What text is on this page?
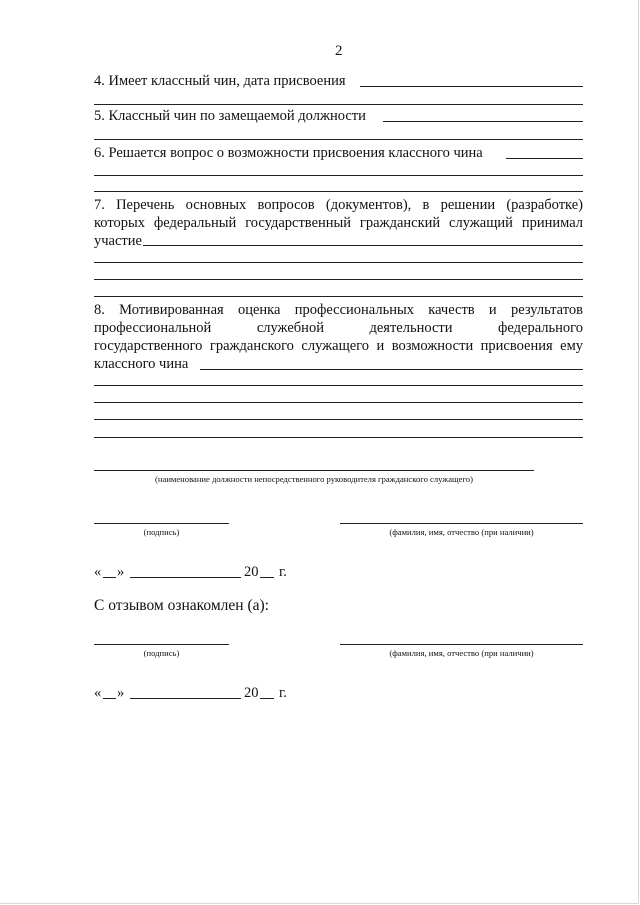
2
4. Имеет классный чин, дата присвоения
5. Классный чин по замещаемой должности
6. Решается вопрос о возможности присвоения классного чина
7. Перечень основных вопросов (документов), в решении (разработке)
которых федеральный государственный гражданский служащий принимал
участие
8. Мотивированная оценка профессиональных качеств и результатов
профессиональной	служебной	деятельности	федерального
государственного гражданского служащего и возможности присвоения ему
классного чина
(наименование должности непосредственного руководителя гражданского служащего)
(подпись)	(фамилия, имя, отчество (при наличии)
« »	20 г.
С отзывом ознакомлен (а):
(подпись)	(фамилия, имя, отчество (при наличии)
« »	20 г.
